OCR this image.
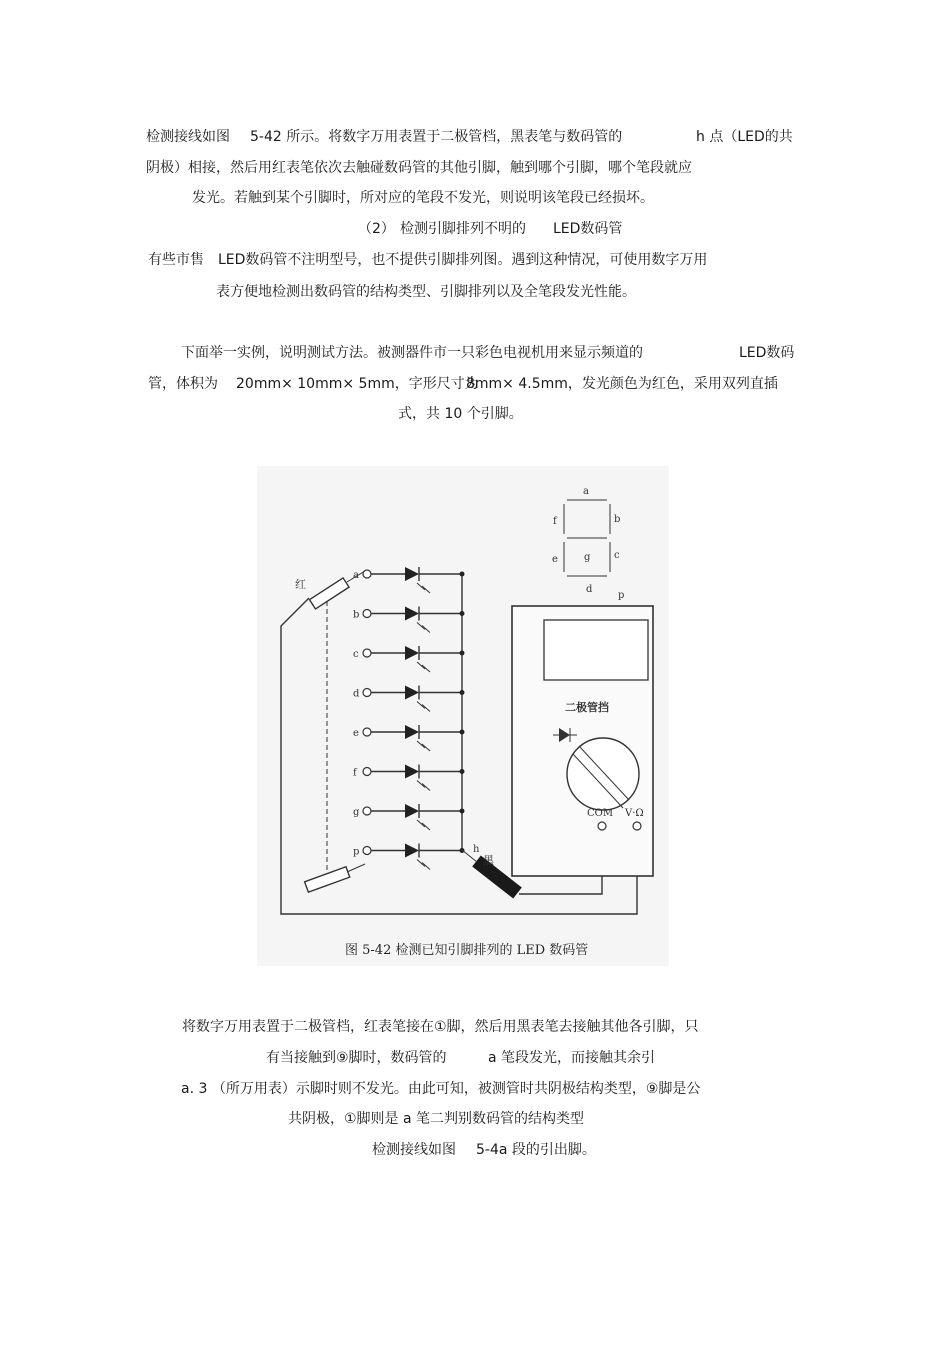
检测接线如图 5-42 所示。将数字万用表置于二极管档，黑表笔与数码管的	h 点（LED的共
阴极）相接，然后用红表笔依次去触碰数码管的其他引脚，触到哪个引脚，哪个笔段就应
发光。若触到某个引脚时，所对应的笔段不发光，则说明该笔段已经损坏。
（2） 检测引脚排列不明的 LED数码管
有些市售 LED数码管不注明型号，也不提供引脚排列图。遇到这种情况，可使用数字万用
表方便地检测出数码管的结构类型、引脚排列以及全笔段发光性能。
下面举一实例，说明测试方法。被测器件市一只彩色电视机用来显示频道的	LED数码
管，体积为 20mm× 10mm× 5mm，字形尺寸为
8mm× 4.5mm，发光颜色为红色，采用双列直插
式，共 10 个引脚。
a
f	b
g
e	c
d
p
a
b
c
d
e
f
g
p
红
h
黑
二极管挡
COM V·Ω
图 5-42 检测已知引脚排列的 LED 数码管
将数字万用表置于二极管档，红表笔接在①脚，然后用黑表笔去接触其他各引脚，只
有当接触到⑨脚时，数码管的	a 笔段发光，而接触其余引
a. 3 （所万用表）示脚时则不发光。由此可知，被测管时共阴极结构类型，⑨脚是公
共阴极，①脚则是 a 笔二判别数码管的结构类型
检测接线如图 5-4a 段的引出脚。
